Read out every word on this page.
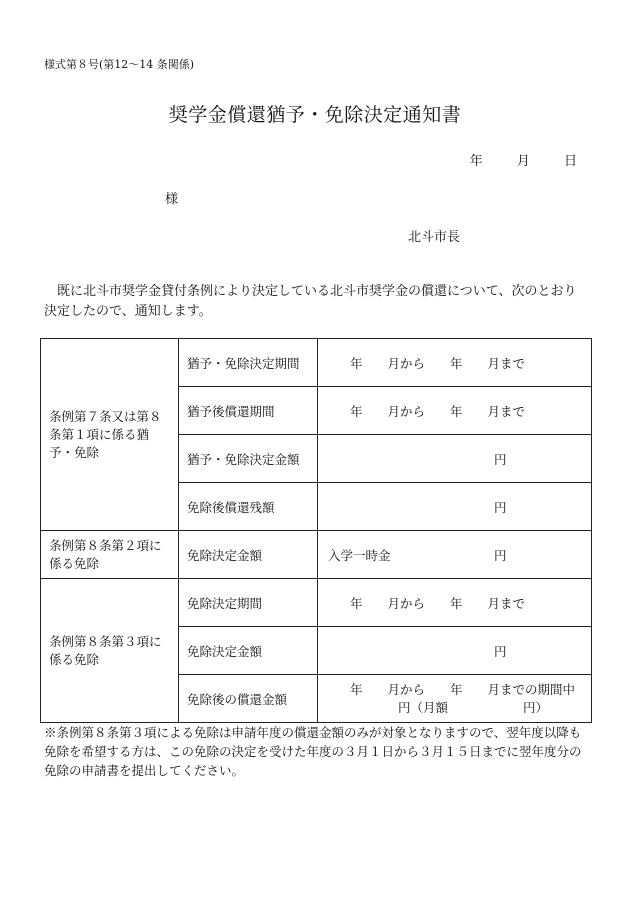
様式第８号(第12〜14 条関係)
奨学金償還猶予・免除決定通知書
年	月	日
様
北斗市長
既に北斗市奨学金貸付条例により決定している北斗市奨学金の償還について、次のとおり決定したので、通知します。
条例第７条又は第８条第１項に係る猶予・免除	猶予・免除決定期間	年　　月から　　年　　月まで
	猶予後償還期間	年　　月から　　年　　月まで
	猶予・免除決定金額	円

	免除後償還残額	円

条例第８条第２項に係る免除	免除決定金額	入学一時金 円

条例第８条第３項に係る免除	免除決定期間	年　　月から　　年　　月まで
	免除決定金額	円

	免除後の償還金額	年　　月から　　年　　月までの期間中
円（月額　　　　　　円）
※条例第８条第３項による免除は申請年度の償還金額のみが対象となりますので、翌年度以降も免除を希望する方は、この免除の決定を受けた年度の３月１日から３月１５日までに翌年度分の免除の申請書を提出してください。
